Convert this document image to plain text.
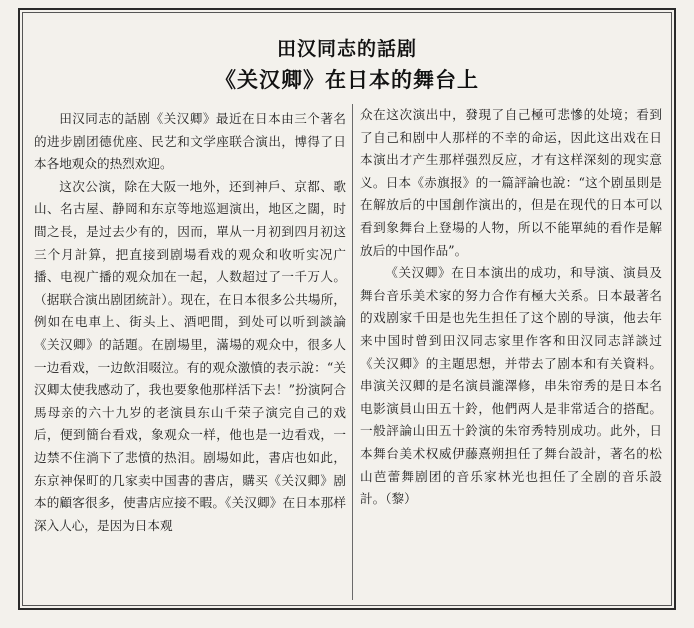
田汉同志的話剧
《关汉卿》在日本的舞台上

田汉同志的話剧《关汉卿》最近在日本由三个著名的进步剧团德优座、民艺和文学座联合演出，博得了日本各地观众的热烈欢迎。

这次公演，除在大阪一地外，还到神戶、京都、歌山、名古屋、静岡和东京等地巡迴演出，地区之闊，时間之長，是过去少有的，因而，單从一月初到四月初这三个月計算，把直接到剧場看戏的观众和收听实况广播、电视广播的观众加在一起，人数超过了一千万人。（据联合演出剧团統計）。现在，在日本很多公共場所，例如在电車上、街头上、酒吧間，到处可以听到談論《关汉卿》的話題。在剧場里，滿場的观众中，很多人一边看戏，一边飲泪啜泣。有的观众激憤的表示說：“关汉卿太使我感动了，我也要象他那样活下去！”扮演阿合馬母亲的六十九岁的老演員东山千荣子演完自己的戏后，便到簡台看戏，象观众一样，他也是一边看戏，一边禁不住淌下了悲憤的热泪。剧場如此，書店也如此，东京神保町的几家卖中国書的書店，購买《关汉卿》剧本的顧客很多，使書店应接不暇。《关汉卿》在日本那样深入人心，是因为日本观

众在这次演出中，發現了自己極可悲慘的处境；看到了自己和剧中人那样的不幸的命运，因此这出戏在日本演出才产生那样强烈反应，才有这样深刻的现实意义。日本《赤旗报》的一篇評論也說：“这个剧虽則是在解放后的中国創作演出的，但是在现代的日本可以看到象舞台上登場的人物，所以不能單純的看作是解放后的中国作品”。

《关汉卿》在日本演出的成功，和导演、演員及舞台音乐美术家的努力合作有極大关系。日本最著名的戏剧家千田是也先生担任了这个剧的导演，他去年来中国时曾到田汉同志家里作客和田汉同志詳談过《关汉卿》的主題思想，并带去了剧本和有关資料。串演关汉卿的是名演員瀧澤修，串朱帘秀的是日本名电影演員山田五十鈴，他們两人是非常适合的搭配。一般評論山田五十鈴演的朱帘秀特別成功。此外，日本舞台美术权威伊藤熹朔担任了舞台設計，著名的松山芭蕾舞剧团的音乐家林光也担任了全剧的音乐設計。（黎）
